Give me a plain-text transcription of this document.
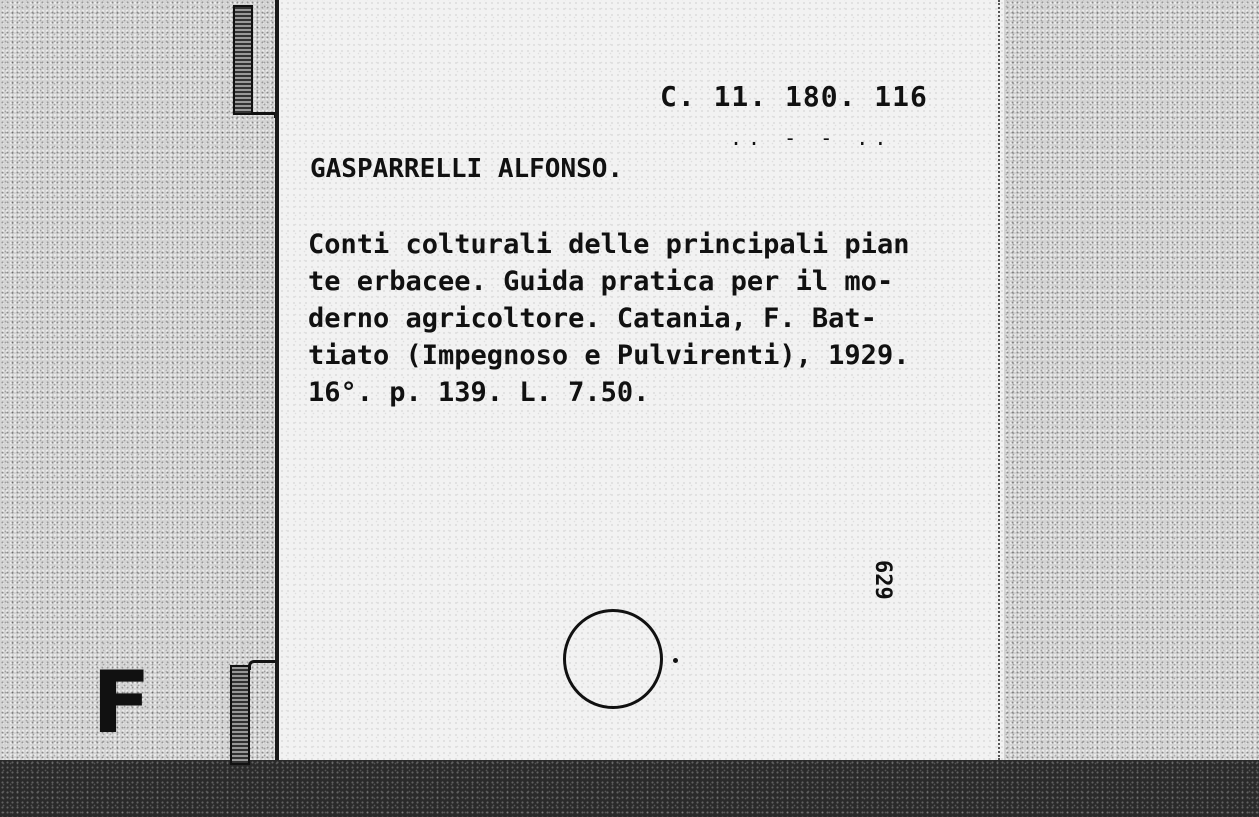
F
C. 11. 180. 116
.. - - ..
GASPARRELLI ALFONSO.
Conti colturali delle principali pian
te erbacee. Guida pratica per il mo-
derno agricoltore. Catania, F. Bat-
tiato (Impegnoso e Pulvirenti), 1929.
16°. p. 139. L. 7.50.
629
